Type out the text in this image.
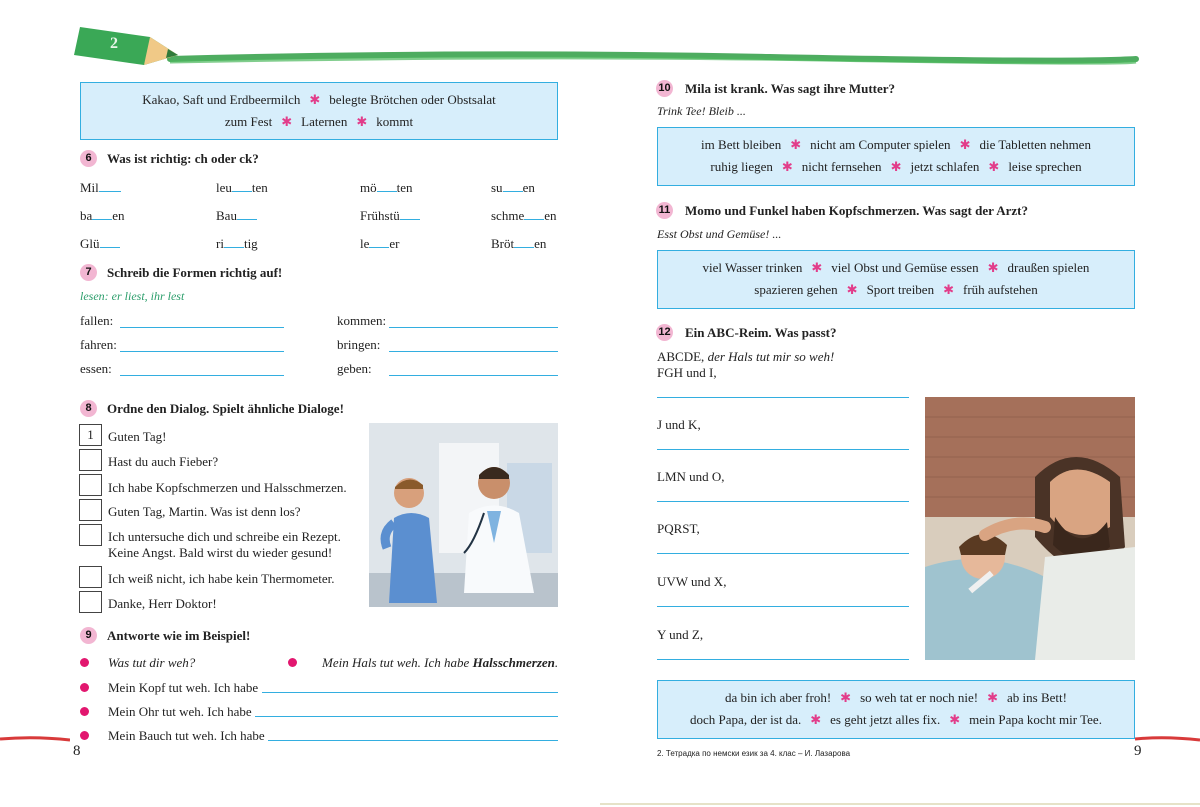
2
Kakao, Saft und Erdbeermilch ✱ belegte Brötchen oder Obstsalat
zum Fest ✱ Laternen ✱ kommt
6	Was ist richtig: ch oder ck?
Mil	leu ten	mö ten	su en
ba en	Bau	Frühstü	schme en
Glü	ri tig	le er	Bröt en
7	Schreib die Formen richtig auf!
lesen: er liest, ihr lest
fallen:
fahren:
essen:
kommen:
bringen:
geben:
8	Ordne den Dialog. Spielt ähnliche Dialoge!
1	Guten Tag!
Hast du auch Fieber?
Ich habe Kopfschmerzen und Halsschmerzen.
Guten Tag, Martin. Was ist denn los?
Ich untersuche dich und schreibe ein Rezept.
Keine Angst. Bald wirst du wieder gesund!
Ich weiß nicht, ich habe kein Thermometer.
Danke, Herr Doktor!
9	Antworte wie im Beispiel!
Was tut dir weh?	Mein Hals tut weh. Ich habe Halsschmerzen.
Mein Kopf tut weh. Ich habe
Mein Ohr tut weh. Ich habe
Mein Bauch tut weh. Ich habe
8
10 Mila ist krank. Was sagt ihre Mutter?
Trink Tee! Bleib ...
im Bett bleiben ✱ nicht am Computer spielen ✱ die Tabletten nehmen
ruhig liegen ✱ nicht fernsehen ✱ jetzt schlafen ✱ leise sprechen
11 Momo und Funkel haben Kopfschmerzen. Was sagt der Arzt?
Esst Obst und Gemüse! ...
viel Wasser trinken ✱ viel Obst und Gemüse essen ✱ draußen spielen
spazieren gehen ✱ Sport treiben ✱ früh aufstehen
12 Ein ABC-Reim. Was passt?
ABCDE, der Hals tut mir so weh!
FGH und I,
J und K,
LMN und O,
PQRST,
UVW und X,
Y und Z,
da bin ich aber froh! ✱ so weh tat er noch nie! ✱ ab ins Bett!
doch Papa, der ist da. ✱ es geht jetzt alles fix. ✱ mein Papa kocht mir Tee.
2. Тетрадка по немски език за 4. клас – И. Лазарова	9
